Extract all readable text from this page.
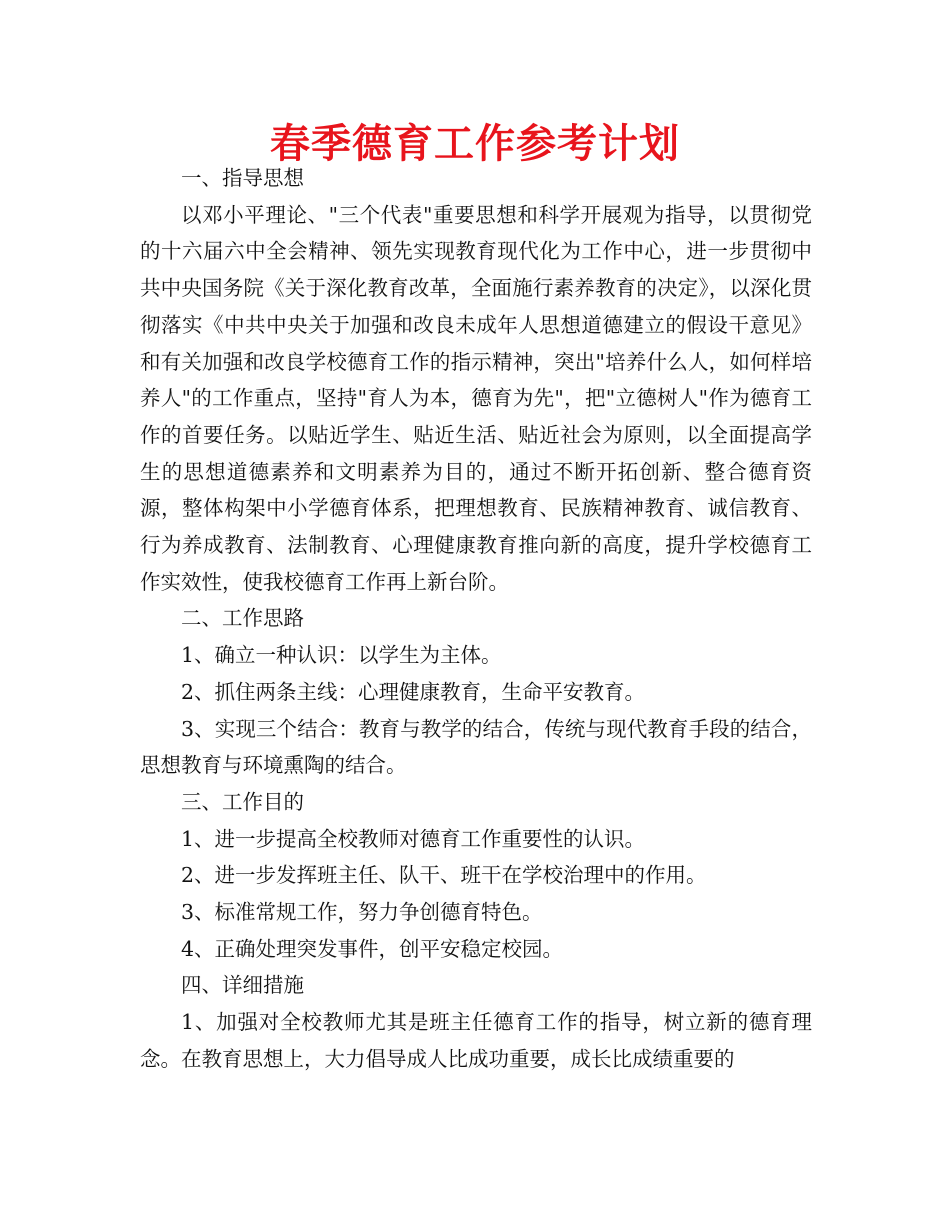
春季德育工作参考计划

一、指导思想

以邓小平理论、"三个代表"重要思想和科学开展观为指导，以贯彻党的十六届六中全会精神、领先实现教育现代化为工作中心，进一步贯彻中共中央国务院《关于深化教育改革，全面施行素养教育的决定》，以深化贯彻落实《中共中央关于加强和改良未成年人思想道德建立的假设干意见》和有关加强和改良学校德育工作的指示精神，突出"培养什么人，如何样培养人"的工作重点，坚持"育人为本，德育为先"，把"立德树人"作为德育工作的首要任务。以贴近学生、贴近生活、贴近社会为原则，以全面提高学生的思想道德素养和文明素养为目的，通过不断开拓创新、整合德育资源，整体构架中小学德育体系，把理想教育、民族精神教育、诚信教育、行为养成教育、法制教育、心理健康教育推向新的高度，提升学校德育工作实效性，使我校德育工作再上新台阶。

二、工作思路

1、确立一种认识：以学生为主体。

2、抓住两条主线：心理健康教育，生命平安教育。

3、实现三个结合：教育与教学的结合，传统与现代教育手段的结合，思想教育与环境熏陶的结合。

三、工作目的

1、进一步提高全校教师对德育工作重要性的认识。

2、进一步发挥班主任、队干、班干在学校治理中的作用。

3、标准常规工作，努力争创德育特色。

4、正确处理突发事件，创平安稳定校园。

四、详细措施

1、加强对全校教师尤其是班主任德育工作的指导，树立新的德育理念。在教育思想上，大力倡导成人比成功重要，成长比成绩重要的
